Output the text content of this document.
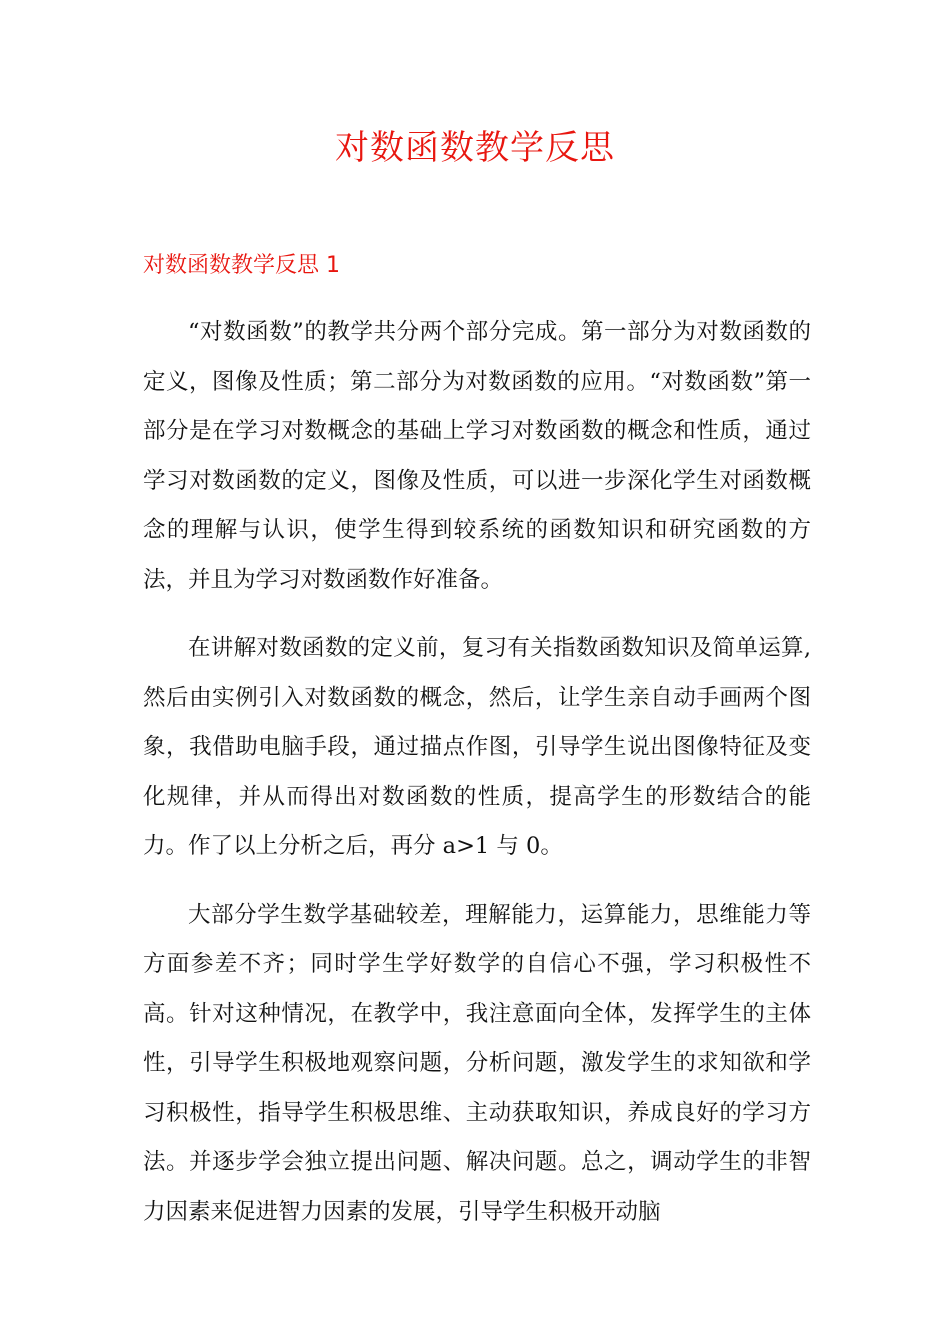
对数函数教学反思
对数函数教学反思 1

“对数函数”的教学共分两个部分完成。第一部分为对数函数的定义，图像及性质；第二部分为对数函数的应用。“对数函数”第一部分是在学习对数概念的基础上学习对数函数的概念和性质，通过学习对数函数的定义，图像及性质，可以进一步深化学生对函数概念的理解与认识，使学生得到较系统的函数知识和研究函数的方法，并且为学习对数函数作好准备。

在讲解对数函数的定义前，复习有关指数函数知识及简单运算,然后由实例引入对数函数的概念，然后，让学生亲自动手画两个图象，我借助电脑手段，通过描点作图，引导学生说出图像特征及变化规律，并从而得出对数函数的性质，提高学生的形数结合的能力。作了以上分析之后，再分 a>1 与 0。

大部分学生数学基础较差，理解能力，运算能力，思维能力等方面参差不齐；同时学生学好数学的自信心不强，学习积极性不高。针对这种情况，在教学中，我注意面向全体，发挥学生的主体性，引导学生积极地观察问题，分析问题，激发学生的求知欲和学习积极性，指导学生积极思维、主动获取知识，养成良好的学习方法。并逐步学会独立提出问题、解决问题。总之，调动学生的非智力因素来促进智力因素的发展，引导学生积极开动脑
